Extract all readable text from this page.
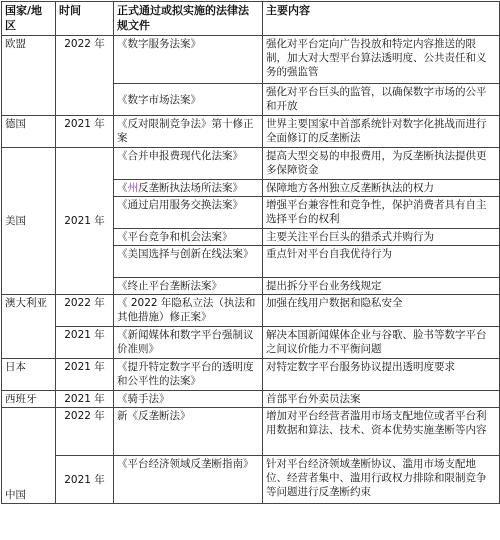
国家/地区	时间	正式通过或拟实施的法律法规文件	主要内容
欧盟	2022 年	《数字服务法案》	强化对平台定向广告投放和特定内容推送的限制，加大对大型平台算法透明度、公共责任和义务的强监管
		《数字市场法案》	强化对平台巨头的监管，以确保数字市场的公平和开放
德国	2021 年	《反对限制竞争法》第十修正案	世界主要国家中首部系统针对数字化挑战而进行全面修订的反垄断法
美国	2021 年	《合并申报费现代化法案》	提高大型交易的申报费用，为反垄断执法提供更多保障资金
		《州反垄断执法场所法案》	保障地方各州独立反垄断执法的权力
		《通过启用服务交换法案》	增强平台兼容性和竞争性，保护消费者具有自主选择平台的权利
		《平台竞争和机会法案》	主要关注平台巨头的猎杀式并购行为
		《美国选择与创新在线法案》	重点针对平台自我优待行为
		《终止平台垄断法案》	提出拆分平台业务线规定
澳大利亚	2022 年	《 2022 年隐私立法（执法和其他措施）修正案》	加强在线用户数据和隐私安全
	2021 年	《新闻媒体和数字平台强制议价准则》	解决本国新闻媒体企业与谷歌、脸书等数字平台之间议价能力不平衡问题
日本	2021 年	《提升特定数字平台的透明度和公平性的法案》	对特定数字平台服务协议提出透明度要求
西班牙	2021 年	《骑手法》	首部平台外卖员法案
中国	2022 年	新《反垄断法》	增加对平台经营者滥用市场支配地位或者平台利用数据和算法、技术、资本优势实施垄断等内容
	2021 年	《平台经济领域反垄断指南》	针对平台经济领域垄断协议、滥用市场支配地位、经营者集中、滥用行政权力排除和限制竞争等问题进行反垄断约束
